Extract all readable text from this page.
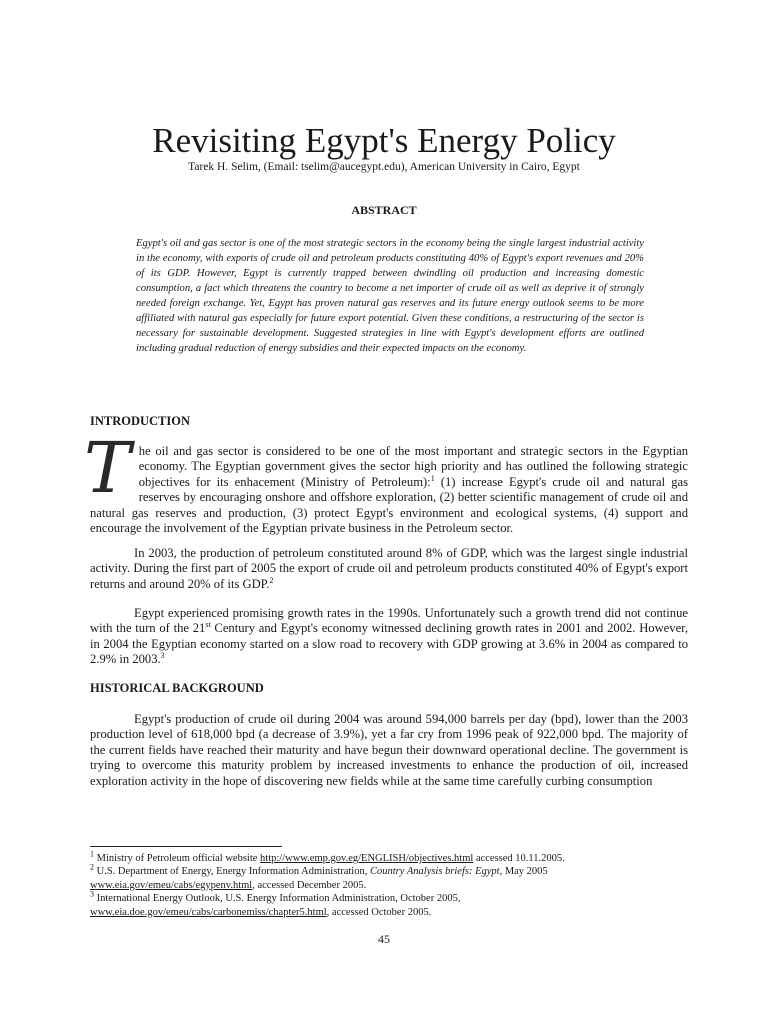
Revisiting Egypt's Energy Policy
Tarek H. Selim, (Email: tselim@aucegypt.edu), American University in Cairo, Egypt
ABSTRACT
Egypt's oil and gas sector is one of the most strategic sectors in the economy being the single largest industrial activity in the economy, with exports of crude oil and petroleum products constituting 40% of Egypt's export revenues and 20% of its GDP. However, Egypt is currently trapped between dwindling oil production and increasing domestic consumption, a fact which threatens the country to become a net importer of crude oil as well as deprive it of strongly needed foreign exchange. Yet, Egypt has proven natural gas reserves and its future energy outlook seems to be more affiliated with natural gas especially for future export potential. Given these conditions, a restructuring of the sector is necessary for sustainable development. Suggested strategies in line with Egypt's development efforts are outlined including gradual reduction of energy subsidies and their expected impacts on the economy.
INTRODUCTION
The oil and gas sector is considered to be one of the most important and strategic sectors in the Egyptian economy. The Egyptian government gives the sector high priority and has outlined the following strategic objectives for its enhacement (Ministry of Petroleum):$^1$ (1) increase Egypt's crude oil and natural gas reserves by encouraging onshore and offshore exploration, (2) better scientific management of crude oil and natural gas reserves and production, (3) protect Egypt's environment and ecological systems, (4) support and encourage the involvement of the Egyptian private business in the Petroleum sector.
In 2003, the production of petroleum constituted around 8% of GDP, which was the largest single industrial activity. During the first part of 2005 the export of crude oil and petroleum products constituted 40% of Egypt's export returns and around 20% of its GDP.$^2$
Egypt experienced promising growth rates in the 1990s. Unfortunately such a growth trend did not continue with the turn of the 21st Century and Egypt's economy witnessed declining growth rates in 2001 and 2002. However, in 2004 the Egyptian economy started on a slow road to recovery with GDP growing at 3.6% in 2004 as compared to 2.9% in 2003.$^3$
HISTORICAL BACKGROUND
Egypt's production of crude oil during 2004 was around 594,000 barrels per day (bpd), lower than the 2003 production level of 618,000 bpd (a decrease of 3.9%), yet a far cry from 1996 peak of 922,000 bpd. The majority of the current fields have reached their maturity and have begun their downward operational decline. The government is trying to overcome this maturity problem by increased investments to enhance the production of oil, increased exploration activity in the hope of discovering new fields while at the same time carefully curbing consumption

$^1$ Ministry of Petroleum official website http://www.emp.gov.eg/ENGLISH/objectives.html accessed 10.11.2005.

$^2$ U.S. Department of Energy, Energy Information Administration, Country Analysis briefs: Egypt, May 2005 www.eia.gov/emeu/cabs/egypenv.html, accessed December 2005.

$^3$ International Energy Outlook, U.S. Energy Information Administration, October 2005, www.eia.doe.gov/emeu/cabs/carbonemiss/chapter5.html, accessed October 2005.

45
